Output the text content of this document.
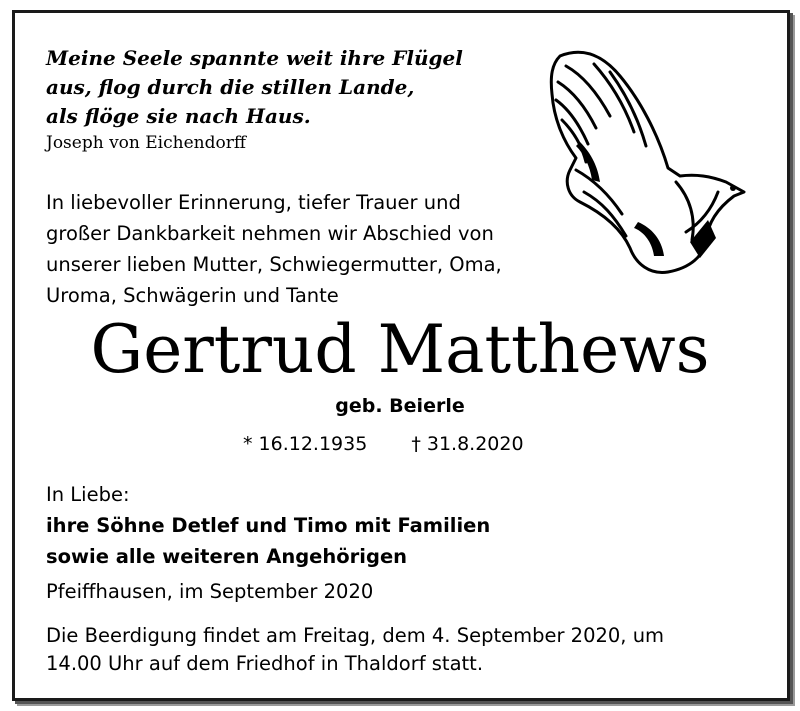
Meine Seele spannte weit ihre Flügel
aus, flog durch die stillen Lande,
als flöge sie nach Haus.
Joseph von Eichendorff
In liebevoller Erinnerung, tiefer Trauer und
großer Dankbarkeit nehmen wir Abschied von
unserer lieben Mutter, Schwiegermutter, Oma,
Uroma, Schwägerin und Tante
Gertrud Matthews
geb. Beierle
* 16.12.1935 † 31.8.2020
In Liebe:
ihre Söhne Detlef und Timo mit Familien
sowie alle weiteren Angehörigen
Pfeiffhausen, im September 2020
Die Beerdigung findet am Freitag, dem 4. September 2020, um
14.00 Uhr auf dem Friedhof in Thaldorf statt.
